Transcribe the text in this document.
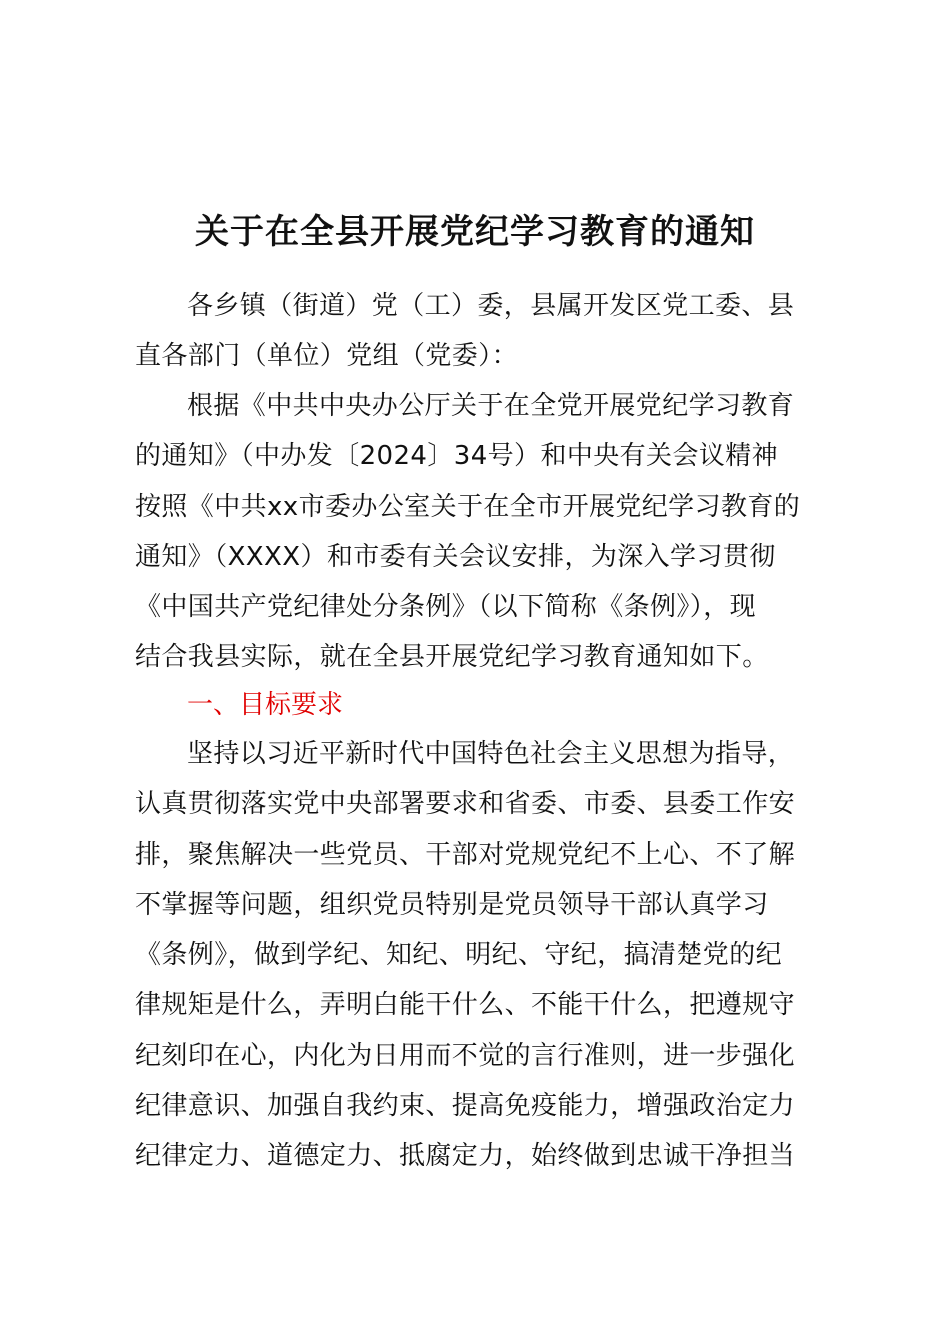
关于在全县开展党纪学习教育的通知
各乡镇（街道）党（工）委，县属开发区党工委、县
直各部门（单位）党组（党委）：
根据《中共中央办公厅关于在全党开展党纪学习教育
的通知》（中办发〔2024〕34号）和中央有关会议精神
按照《中共xx市委办公室关于在全市开展党纪学习教育的
通知》（XXXX）和市委有关会议安排，为深入学习贯彻
《中国共产党纪律处分条例》（以下简称《条例》），现
结合我县实际，就在全县开展党纪学习教育通知如下。
一、目标要求
坚持以习近平新时代中国特色社会主义思想为指导，
认真贯彻落实党中央部署要求和省委、市委、县委工作安
排，聚焦解决一些党员、干部对党规党纪不上心、不了解
不掌握等问题，组织党员特别是党员领导干部认真学习
《条例》，做到学纪、知纪、明纪、守纪，搞清楚党的纪
律规矩是什么，弄明白能干什么、不能干什么，把遵规守
纪刻印在心，内化为日用而不觉的言行准则，进一步强化
纪律意识、加强自我约束、提高免疫能力，增强政治定力
纪律定力、道德定力、抵腐定力，始终做到忠诚干净担当
